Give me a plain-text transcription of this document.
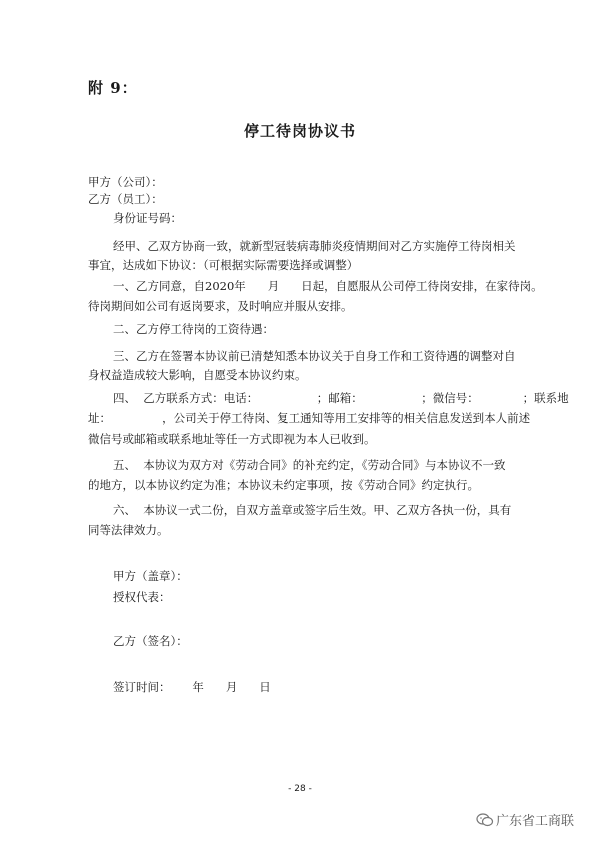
附 9：
停工待岗协议书
甲方（公司）：
乙方（员工）：
身份证号码：
经甲、乙双方协商一致，就新型冠装病毒肺炎疫情期间对乙方实施停工待岗相关
事宜，达成如下协议：（可根据实际需要选择或调整）
一、乙方同意，自2020年      月      日起，自愿服从公司停工待岗安排，在家待岗。
待岗期间如公司有返岗要求，及时响应并服从安排。
二、乙方停工待岗的工资待遇：
三、乙方在签署本协议前已清楚知悉本协议关于自身工作和工资待遇的调整对自
身权益造成较大影响，自愿受本协议约束。
四、  乙方联系方式：电话：                ；邮箱：                ；微信号：            ；联系地
址：              ，公司关于停工待岗、复工通知等用工安排等的相关信息发送到本人前述
微信号或邮箱或联系地址等任一方式即视为本人已收到。
五、  本协议为双方对《劳动合同》的补充约定，《劳动合同》与本协议不一致
的地方，以本协议约定为准；本协议未约定事项，按《劳动合同》约定执行。
六、  本协议一式二份，自双方盖章或签字后生效。甲、乙双方各执一份，具有
同等法律效力。
甲方（盖章）：
授权代表：
乙方（签名）：
签订时间：      年      月      日
- 28 -
广东省工商联
